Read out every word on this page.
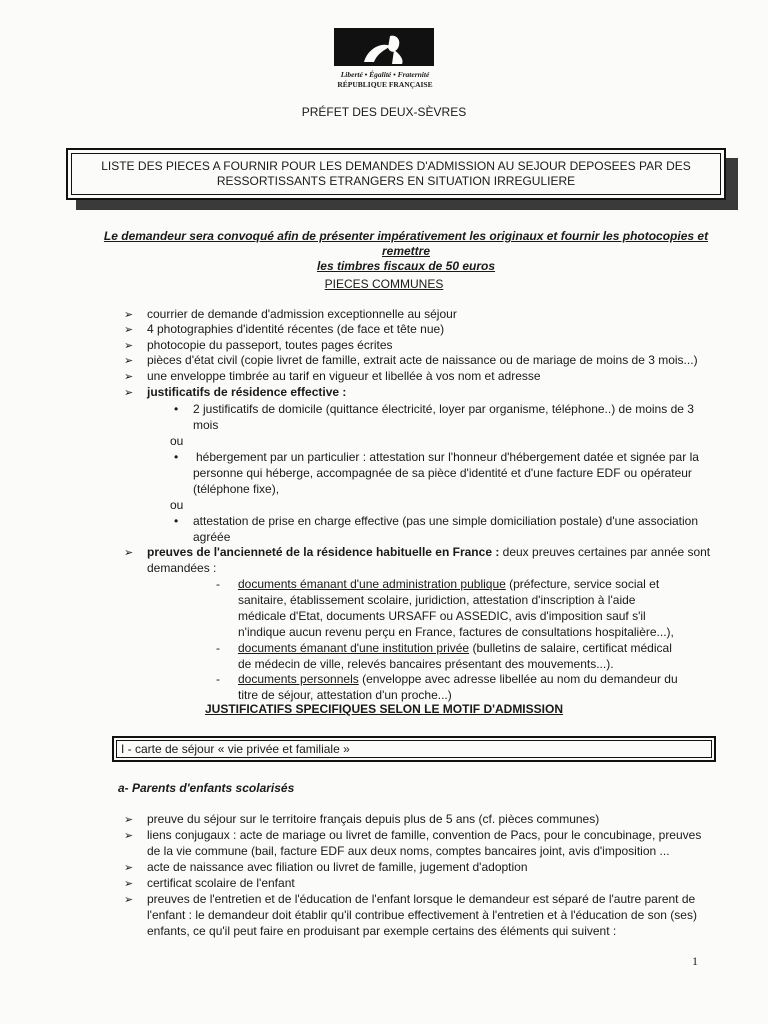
Liberté • Égalité • Fraternité
RÉPUBLIQUE FRANÇAISE
PRÉFET DES DEUX-SÈVRES
LISTE DES PIECES A FOURNIR POUR LES DEMANDES D'ADMISSION AU SEJOUR DEPOSEES PAR DES
RESSORTISSANTS ETRANGERS EN SITUATION IRREGULIERE
Le demandeur sera convoqué afin de présenter impérativement les originaux et fournir les photocopies et remettre
les timbres fiscaux de 50 euros
PIECES COMMUNES
➢ courrier de demande d'admission exceptionnelle au séjour
➢ 4 photographies d'identité récentes (de face et tête nue)
➢ photocopie du passeport, toutes pages écrites
➢ pièces d'état civil (copie livret de famille, extrait acte de naissance ou de mariage de moins de 3 mois...)
➢ une enveloppe timbrée au tarif en vigueur et libellée à vos nom et adresse
➢ justificatifs de résidence effective :
• 2 justificatifs de domicile (quittance électricité, loyer par organisme, téléphone..) de moins de 3
mois
ou
• hébergement par un particulier : attestation sur l'honneur d'hébergement datée et signée par la
personne qui héberge, accompagnée de sa pièce d'identité et d'une facture EDF ou opérateur
(téléphone fixe),
ou
• attestation de prise en charge effective (pas une simple domiciliation postale) d'une association
agréée
➢ preuves de l'ancienneté de la résidence habituelle en France : deux preuves certaines par année sont
demandées :
- documents émanant d'une administration publique (préfecture, service social et
sanitaire, établissement scolaire, juridiction, attestation d'inscription à l'aide
médicale d'Etat, documents URSAFF ou ASSEDIC, avis d'imposition sauf s'il
n'indique aucun revenu perçu en France, factures de consultations hospitalière...),
- documents émanant d'une institution privée (bulletins de salaire, certificat médical
de médecin de ville, relevés bancaires présentant des mouvements...).
- documents personnels (enveloppe avec adresse libellée au nom du demandeur du
titre de séjour, attestation d'un proche...)
JUSTIFICATIFS SPECIFIQUES SELON LE MOTIF D'ADMISSION
I - carte de séjour « vie privée et familiale »
a- Parents d'enfants scolarisés
➢ preuve du séjour sur le territoire français depuis plus de 5 ans (cf. pièces communes)
➢ liens conjugaux : acte de mariage ou livret de famille, convention de Pacs, pour le concubinage, preuves
de la vie commune (bail, facture EDF aux deux noms, comptes bancaires joint, avis d'imposition ...
➢ acte de naissance avec filiation ou livret de famille, jugement d'adoption
➢ certificat scolaire de l'enfant
➢ preuves de l'entretien et de l'éducation de l'enfant lorsque le demandeur est séparé de l'autre parent de
l'enfant : le demandeur doit établir qu'il contribue effectivement à l'entretien et à l'éducation de son (ses)
enfants, ce qu'il peut faire en produisant par exemple certains des éléments qui suivent :
1
